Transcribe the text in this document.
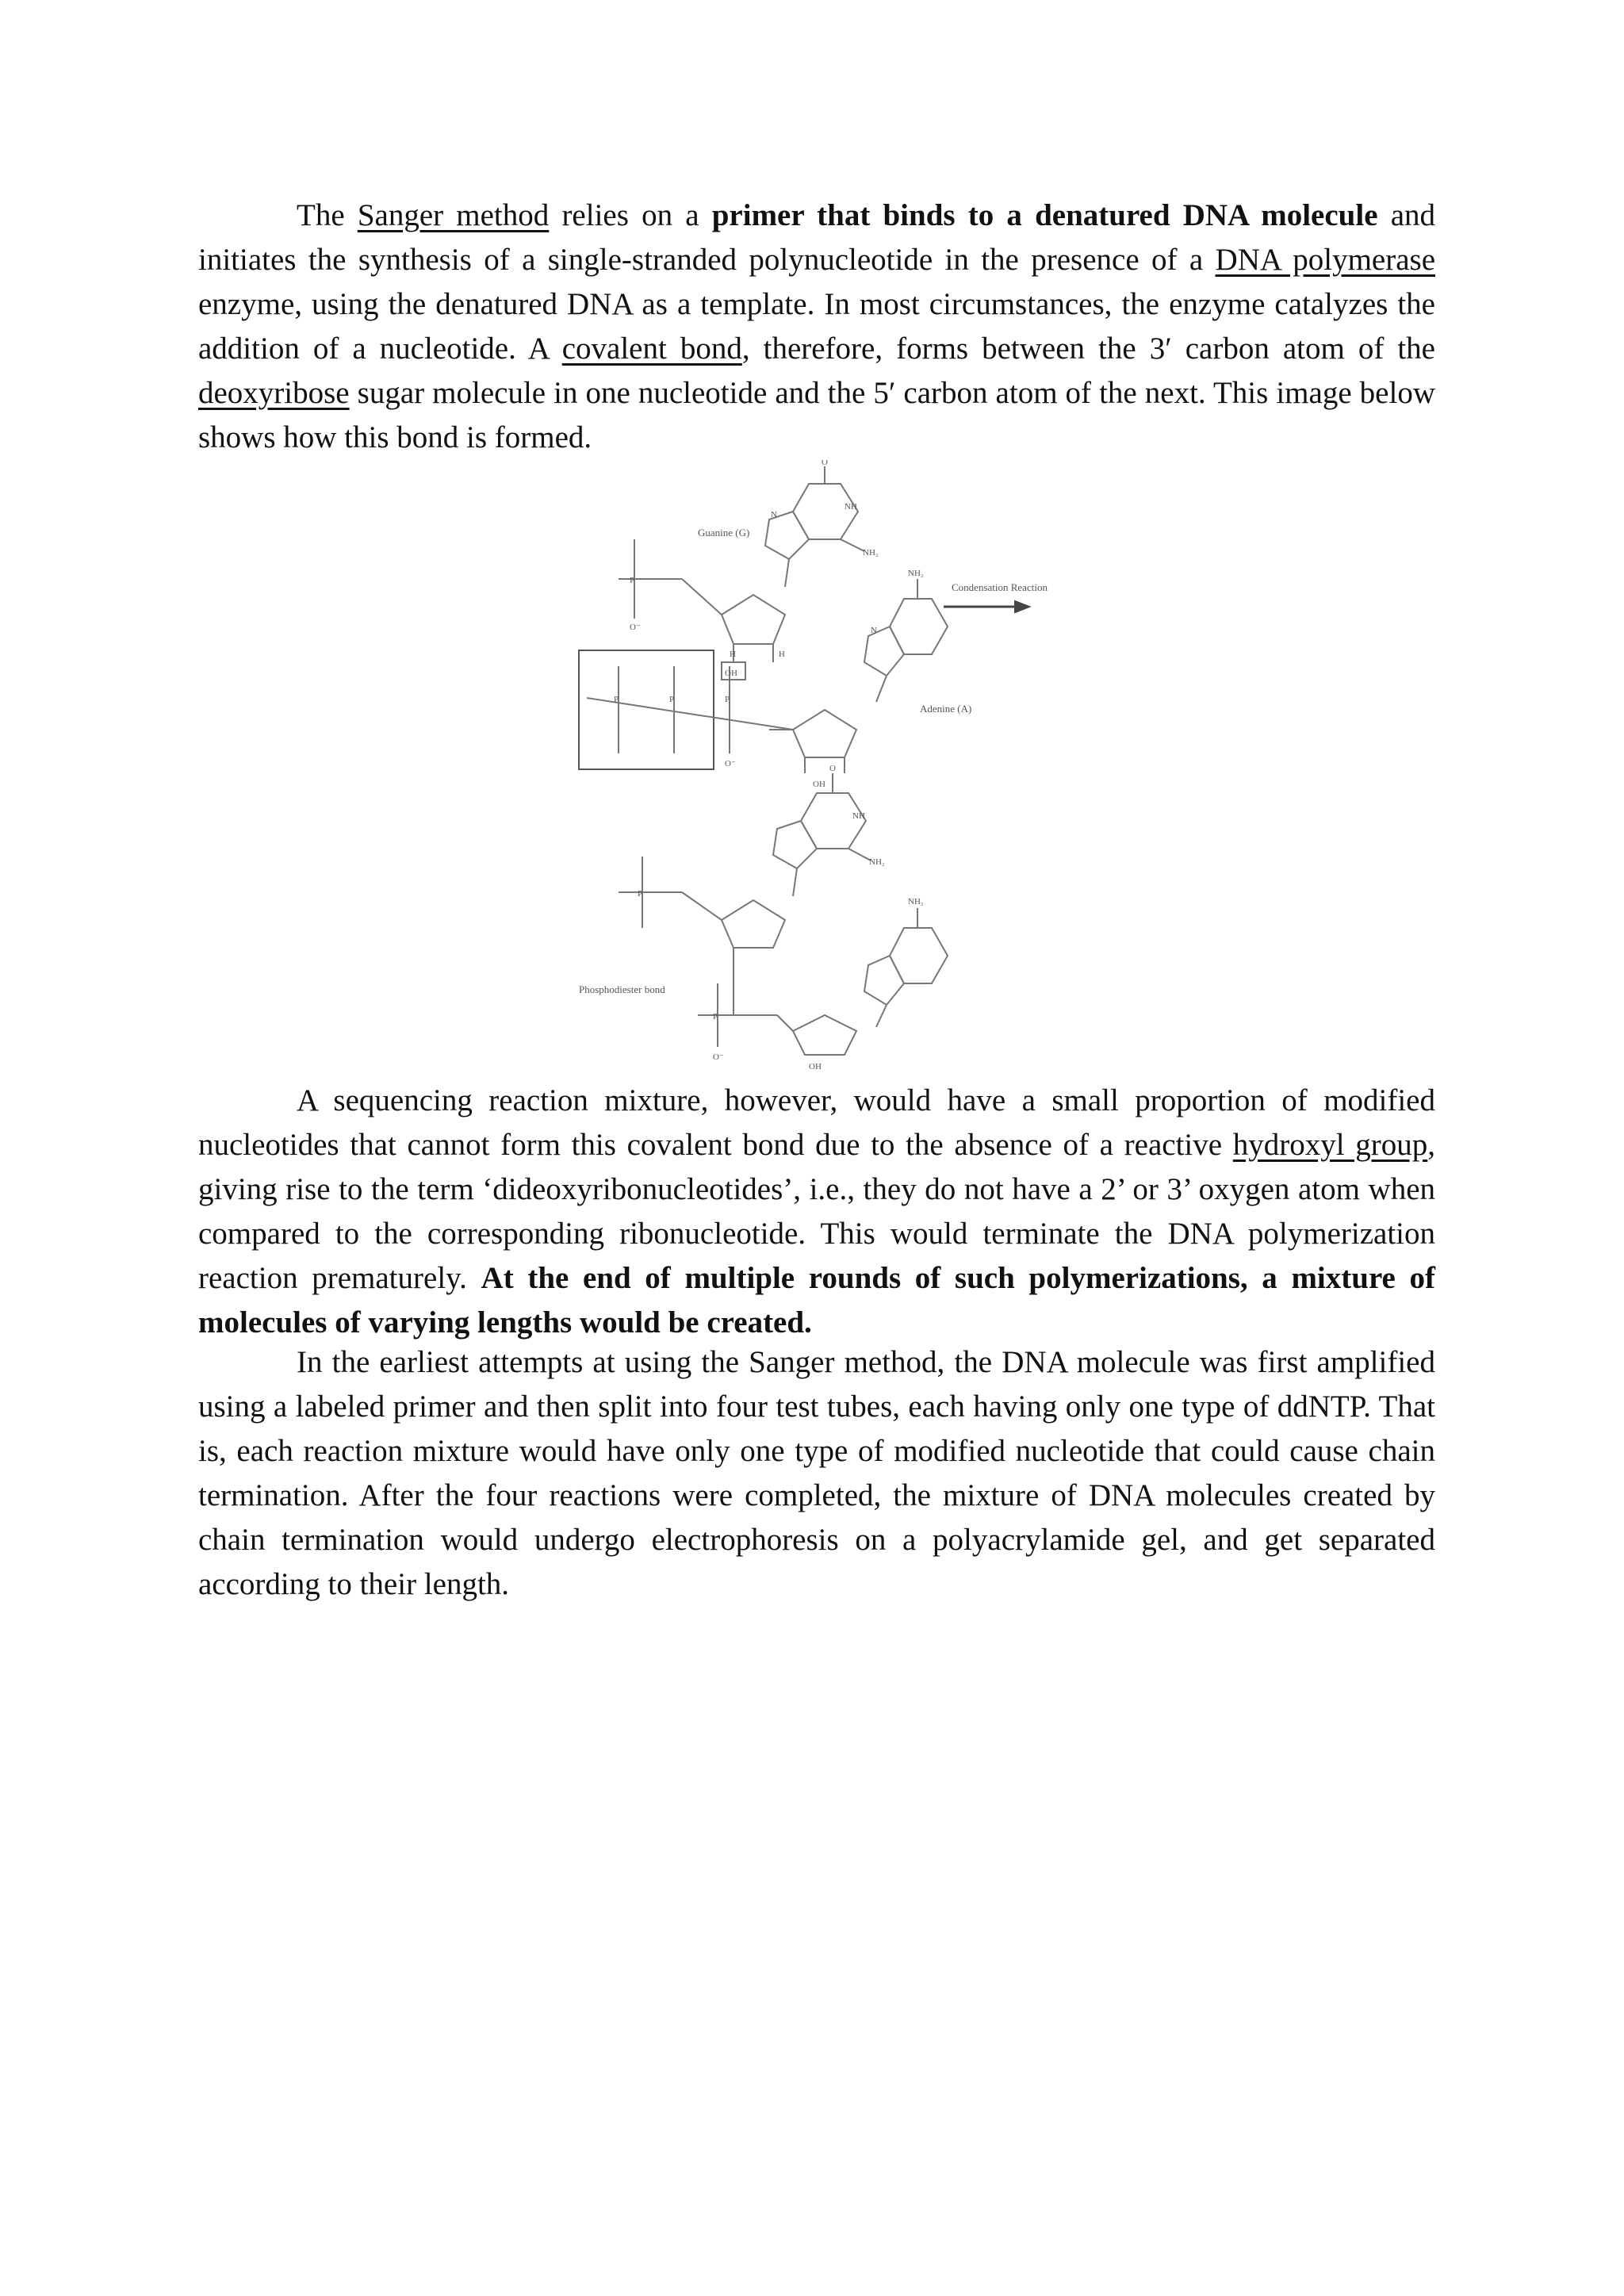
The Sanger method relies on a primer that binds to a denatured DNA molecule and initiates the synthesis of a single-stranded polynucleotide in the presence of a DNA polymerase enzyme, using the denatured DNA as a template. In most circumstances, the enzyme catalyzes the addition of a nucleotide. A covalent bond, therefore, forms between the 3′ carbon atom of the deoxyribose sugar molecule in one nucleotide and the 5′ carbon atom of the next. This image below shows how this bond is formed.

Guanine (G)
Condensation Reaction
Adenine (A)
Phosphodiester bond
OH
OH
OH
NH₂
NH₂
NH₂
NH₂
NH
NH
O
O
N
N
H	H
P
P	P	P
P
P
O⁻
O⁻
O⁻

A sequencing reaction mixture, however, would have a small proportion of modified nucleotides that cannot form this covalent bond due to the absence of a reactive hydroxyl group, giving rise to the term ‘dideoxyribonucleotides’, i.e., they do not have a 2’ or 3’ oxygen atom when compared to the corresponding ribonucleotide. This would terminate the DNA polymerization reaction prematurely. At the end of multiple rounds of such polymerizations, a mixture of molecules of varying lengths would be created.

In the earliest attempts at using the Sanger method, the DNA molecule was first amplified using a labeled primer and then split into four test tubes, each having only one type of ddNTP. That is, each reaction mixture would have only one type of modified nucleotide that could cause chain termination. After the four reactions were completed, the mixture of DNA molecules created by chain termination would undergo electrophoresis on a polyacrylamide gel, and get separated according to their length.
